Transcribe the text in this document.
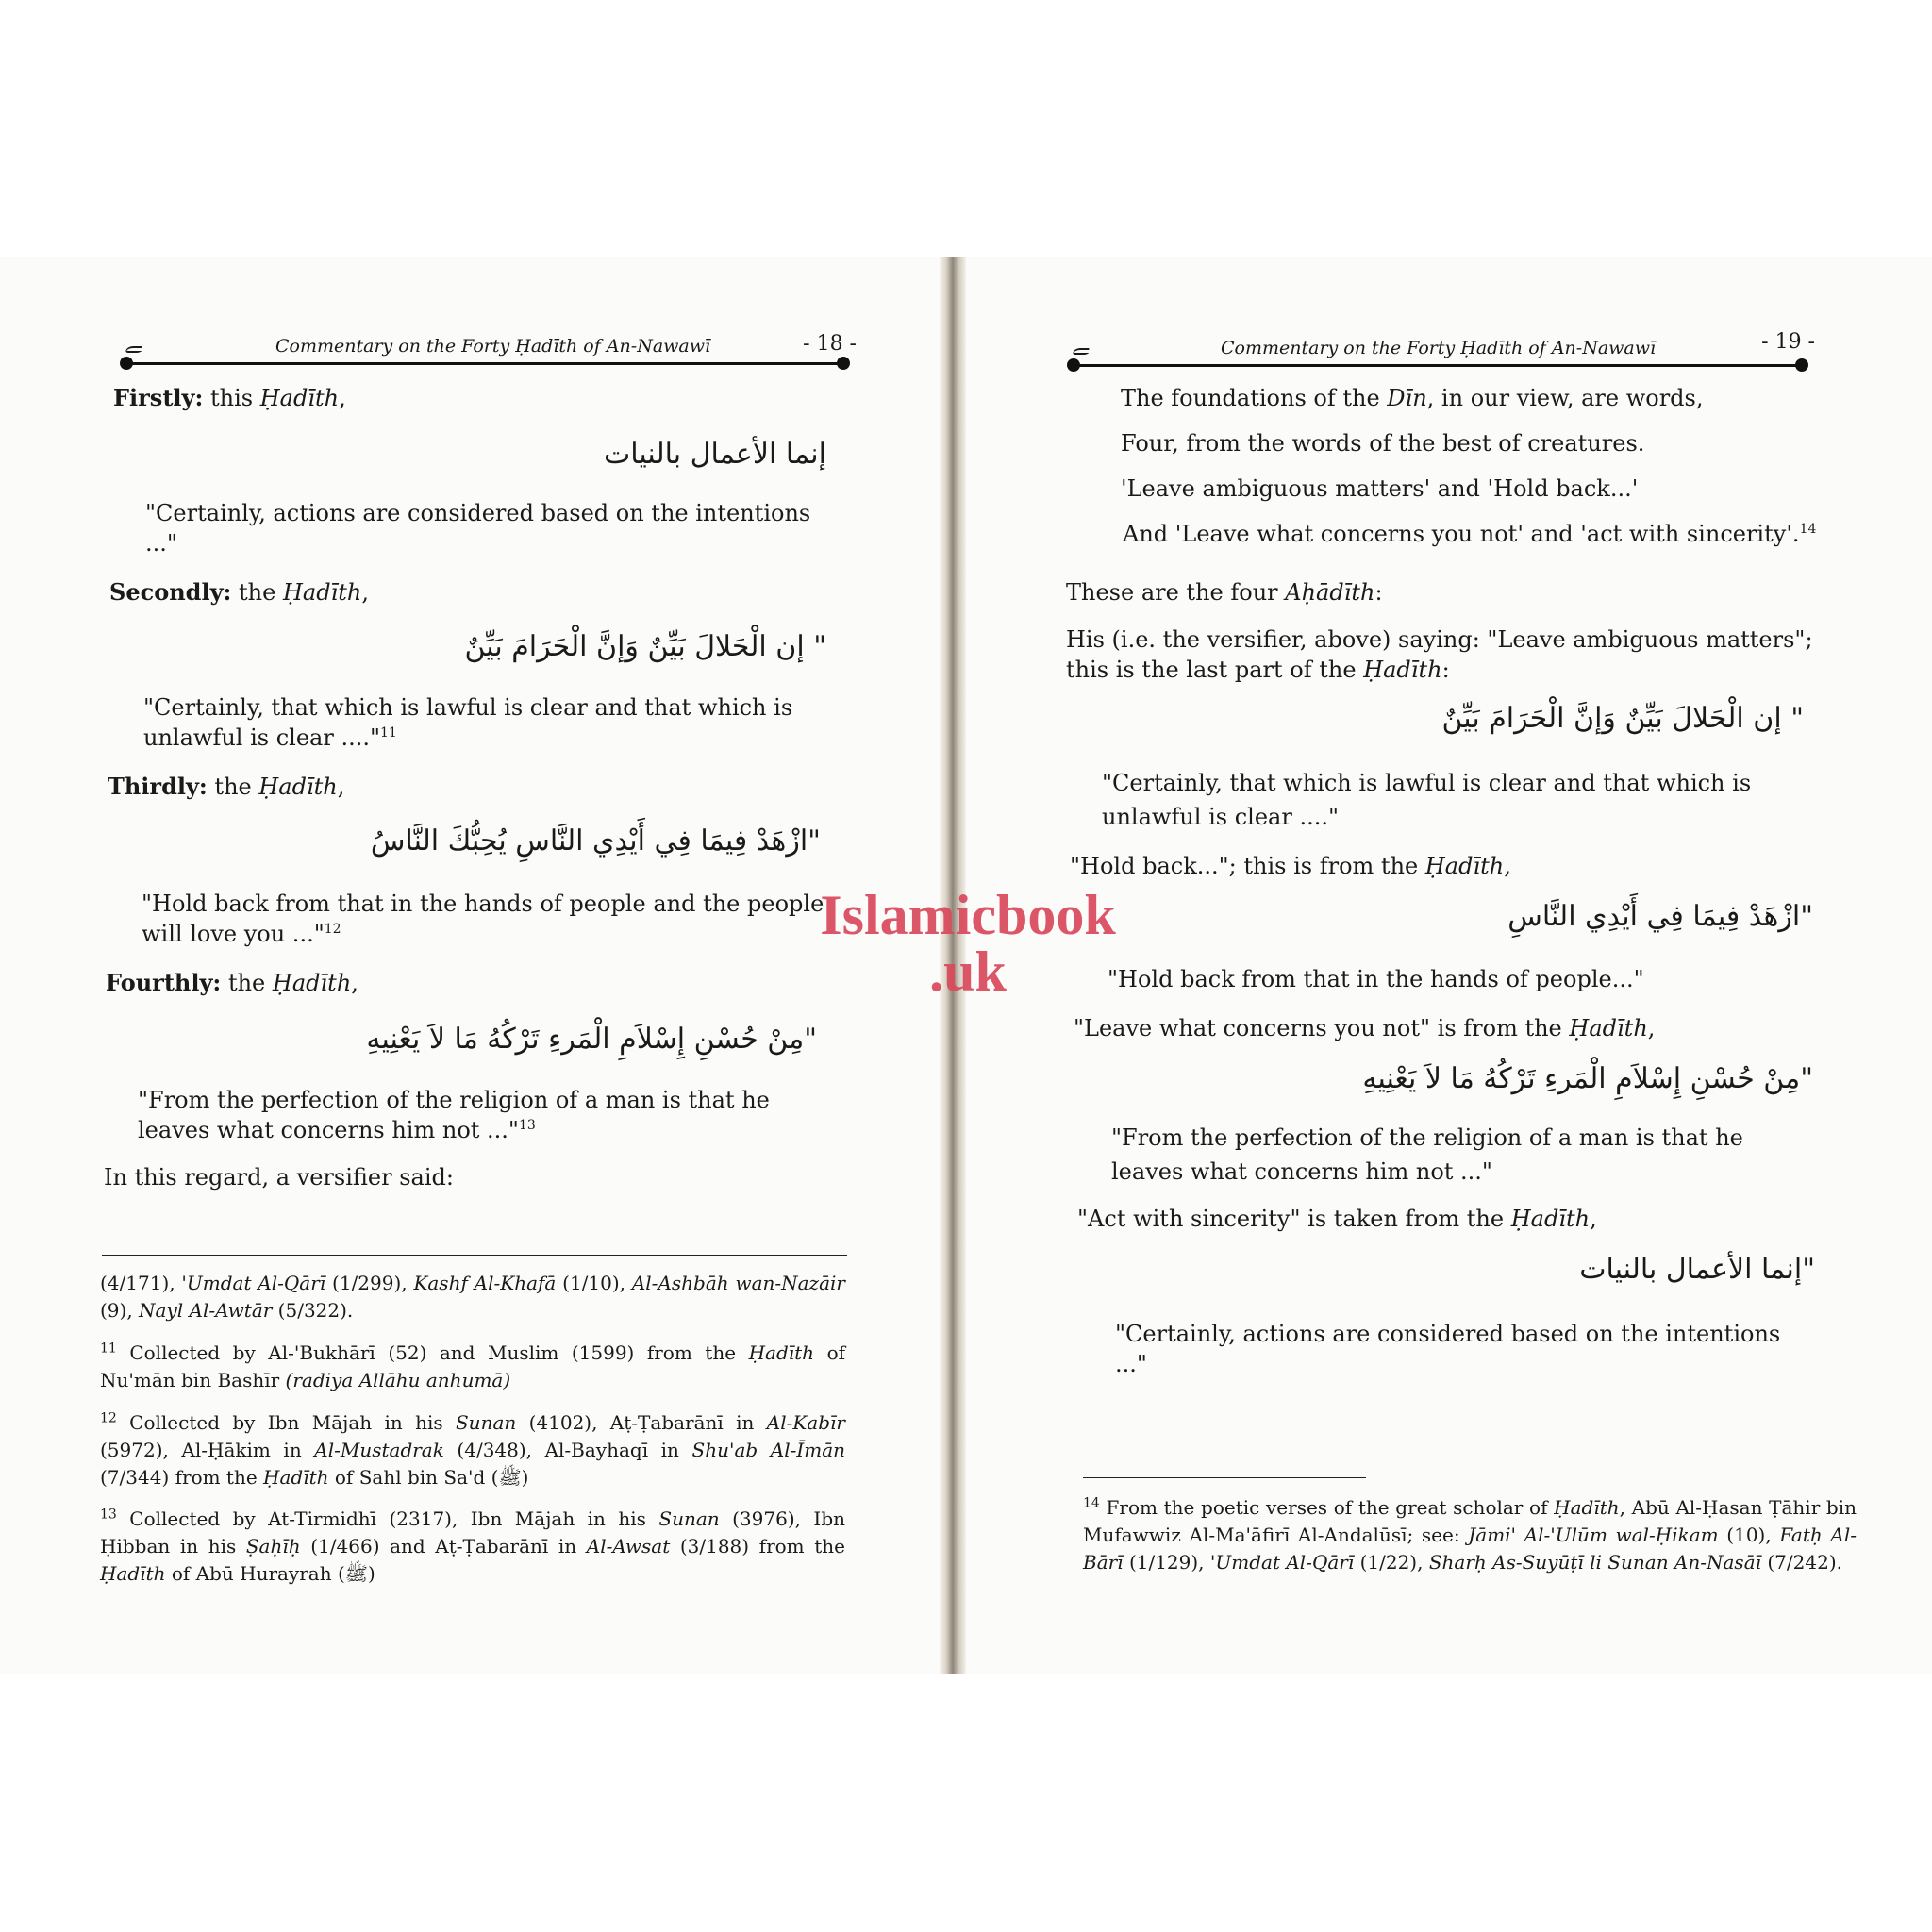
ﮯ	Commentary on the Forty Ḥadīth of An-Nawawī	- 18 -
Firstly: this Ḥadīth,
إنما الأعمال بالنيات
"Certainly, actions are considered based on the intentions
..."
Secondly: the Ḥadīth,
" إن الْحَلالَ بَيِّنٌ وَإنَّ الْحَرَامَ بَيِّنٌ
"Certainly, that which is lawful is clear and that which is
unlawful is clear ...."$^{11}$
Thirdly: the Ḥadīth,
"ازْهَدْ فِيمَا فِي أَيْدِي النَّاسِ يُحِبُّكَ النَّاسُ
"Hold back from that in the hands of people and the people
will love you ..."$^{12}$
Fourthly: the Ḥadīth,
"مِنْ حُسْنِ إِسْلاَمِ الْمَرءِ تَرْكُهُ مَا لاَ يَعْنِيهِ
"From the perfection of the religion of a man is that he
leaves what concerns him not ..."$^{13}$
In this regard, a versifier said:
(4/171), 'Umdat Al-Qārī (1/299), Kashf Al-Khafā (1/10), Al-Ashbāh wan-Nazāir (9), Nayl Al-Awtār (5/322).
$^{11}$ Collected by Al-'Bukhārī (52) and Muslim (1599) from the Ḥadīth of Nu'mān bin Bashīr (radiya Allāhu anhumā)
$^{12}$ Collected by Ibn Mājah in his Sunan (4102), Aṭ-Ṭabarānī in Al-Kabīr (5972), Al-Ḥākim in Al-Mustadrak (4/348), Al-Bayhaqī in Shu'ab Al-Īmān (7/344) from the Ḥadīth of Sahl bin Sa'd (ﷺ)
$^{13}$ Collected by At-Tirmidhī (2317), Ibn Mājah in his Sunan (3976), Ibn Ḥibban in his Ṣaḥīḥ (1/466) and Aṭ-Ṭabarānī in Al-Awsat (3/188) from the Ḥadīth of Abū Hurayrah (ﷺ)
ﮯ	Commentary on the Forty Ḥadīth of An-Nawawī	- 19 -
The foundations of the Dīn, in our view, are words,
Four, from the words of the best of creatures.
'Leave ambiguous matters' and 'Hold back...'
And 'Leave what concerns you not' and 'act with sincerity'.$^{14}$
These are the four Aḥādīth:
His (i.e. the versifier, above) saying: "Leave ambiguous matters";
this is the last part of the Ḥadīth:
" إن الْحَلالَ بَيِّنٌ وَإنَّ الْحَرَامَ بَيِّنٌ
"Certainly, that which is lawful is clear and that which is
unlawful is clear ...."
"Hold back..."; this is from the Ḥadīth,
"ازْهَدْ فِيمَا فِي أَيْدِي النَّاسِ
"Hold back from that in the hands of people..."
"Leave what concerns you not" is from the Ḥadīth,
"مِنْ حُسْنِ إِسْلاَمِ الْمَرءِ تَرْكُهُ مَا لاَ يَعْنِيهِ
"From the perfection of the religion of a man is that he
leaves what concerns him not ..."
"Act with sincerity" is taken from the Ḥadīth,
"إنما الأعمال بالنيات
"Certainly, actions are considered based on the intentions
..."
$^{14}$ From the poetic verses of the great scholar of Ḥadīth, Abū Al-Ḥasan Ṭāhir bin Mufawwiz Al-Ma'āfirī Al-Andalūsī; see: Jāmi' Al-'Ulūm wal-Ḥikam (10), Fatḥ Al-Bārī (1/129), 'Umdat Al-Qārī (1/22), Sharḥ As-Suyūṭī li Sunan An-Nasāī (7/242).
Islamicbook
.uk
